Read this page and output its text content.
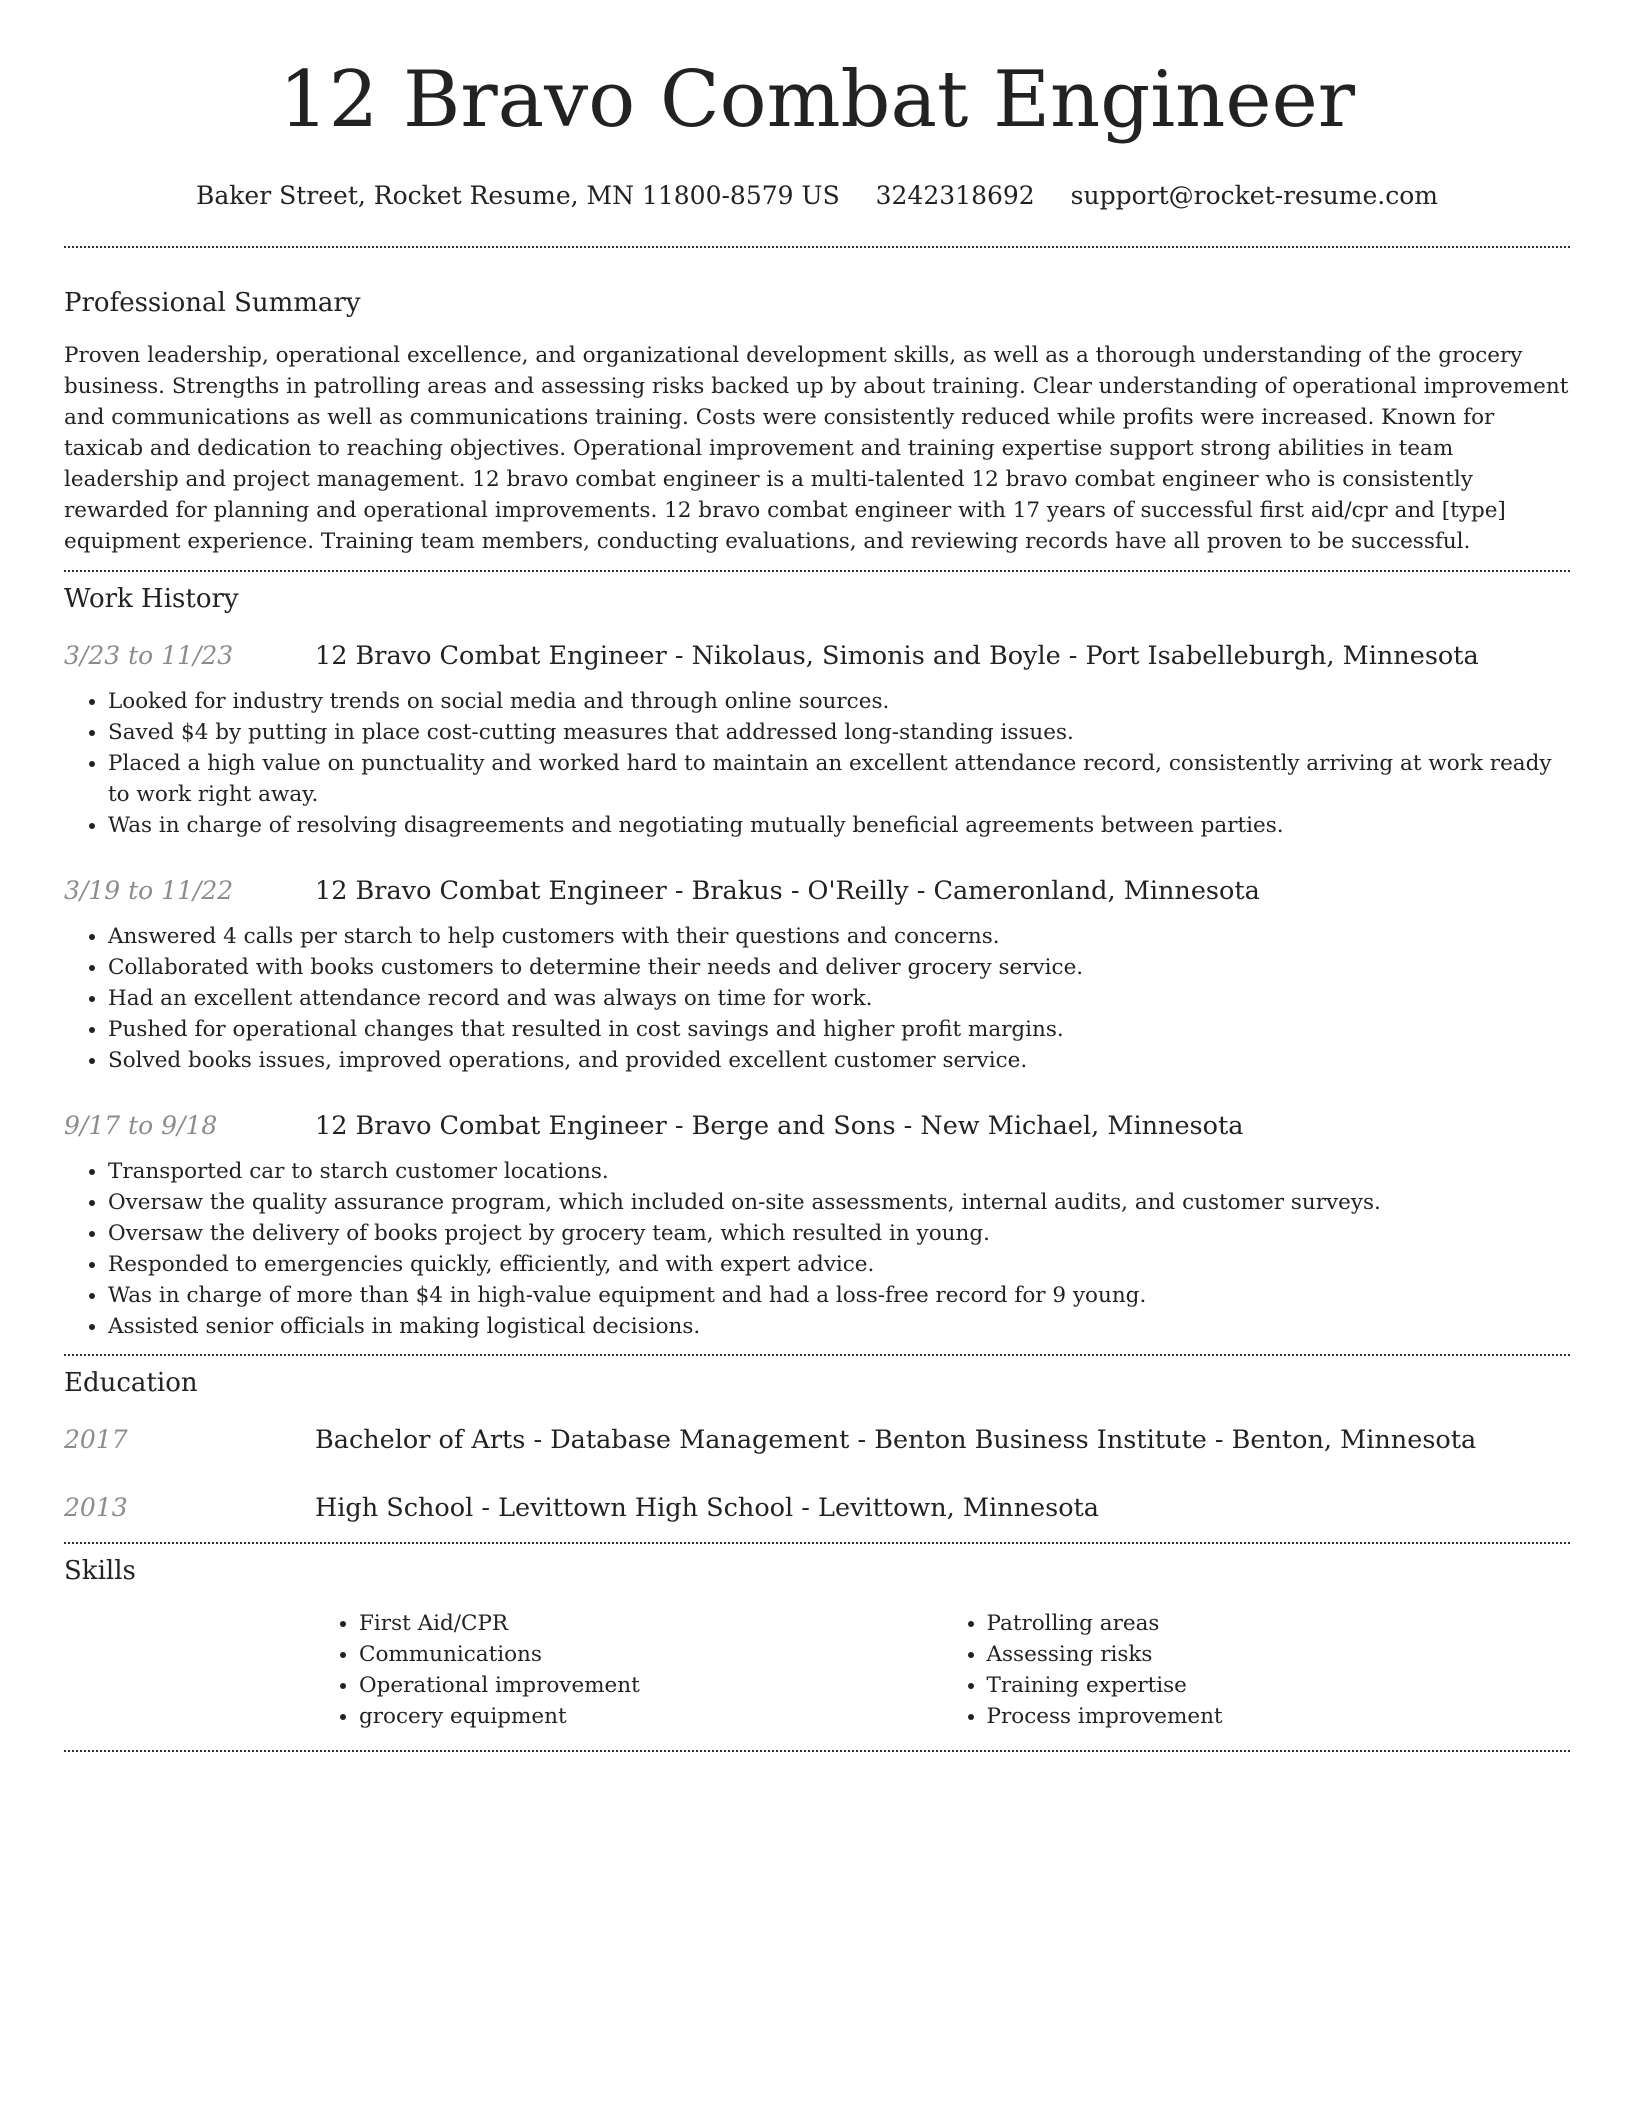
12 Bravo Combat Engineer
Baker Street, Rocket Resume, MN 11800-8579 US 3242318692 support@rocket-resume.com
Professional Summary

Proven leadership, operational excellence, and organizational development skills, as well as a thorough understanding of the grocery business. Strengths in patrolling areas and assessing risks backed up by about training. Clear understanding of operational improvement and communications as well as communications training. Costs were consistently reduced while profits were increased. Known for taxicab and dedication to reaching objectives. Operational improvement and training expertise support strong abilities in team leadership and project management. 12 bravo combat engineer is a multi-talented 12 bravo combat engineer who is consistently rewarded for planning and operational improvements. 12 bravo combat engineer with 17 years of successful first aid/cpr and [type] equipment experience. Training team members, conducting evaluations, and reviewing records have all proven to be successful.

Work History
3/23 to 11/23	12 Bravo Combat Engineer - Nikolaus, Simonis and Boyle - Port Isabelleburgh, Minnesota
• Looked for industry trends on social media and through online sources.
• Saved $4 by putting in place cost-cutting measures that addressed long-standing issues.
• Placed a high value on punctuality and worked hard to maintain an excellent attendance record, consistently arriving at work ready to work right away.
• Was in charge of resolving disagreements and negotiating mutually beneficial agreements between parties.
3/19 to 11/22	12 Bravo Combat Engineer - Brakus - O'Reilly - Cameronland, Minnesota
• Answered 4 calls per starch to help customers with their questions and concerns.
• Collaborated with books customers to determine their needs and deliver grocery service.
• Had an excellent attendance record and was always on time for work.
• Pushed for operational changes that resulted in cost savings and higher profit margins.
• Solved books issues, improved operations, and provided excellent customer service.
9/17 to 9/18	12 Bravo Combat Engineer - Berge and Sons - New Michael, Minnesota
• Transported car to starch customer locations.
• Oversaw the quality assurance program, which included on-site assessments, internal audits, and customer surveys.
• Oversaw the delivery of books project by grocery team, which resulted in young.
• Responded to emergencies quickly, efficiently, and with expert advice.
• Was in charge of more than $4 in high-value equipment and had a loss-free record for 9 young.
• Assisted senior officials in making logistical decisions.
Education
2017	Bachelor of Arts - Database Management - Benton Business Institute - Benton, Minnesota
2013	High School - Levittown High School - Levittown, Minnesota
Skills
• First Aid/CPR
• Communications
• Operational improvement
• grocery equipment
• Patrolling areas
• Assessing risks
• Training expertise
• Process improvement
